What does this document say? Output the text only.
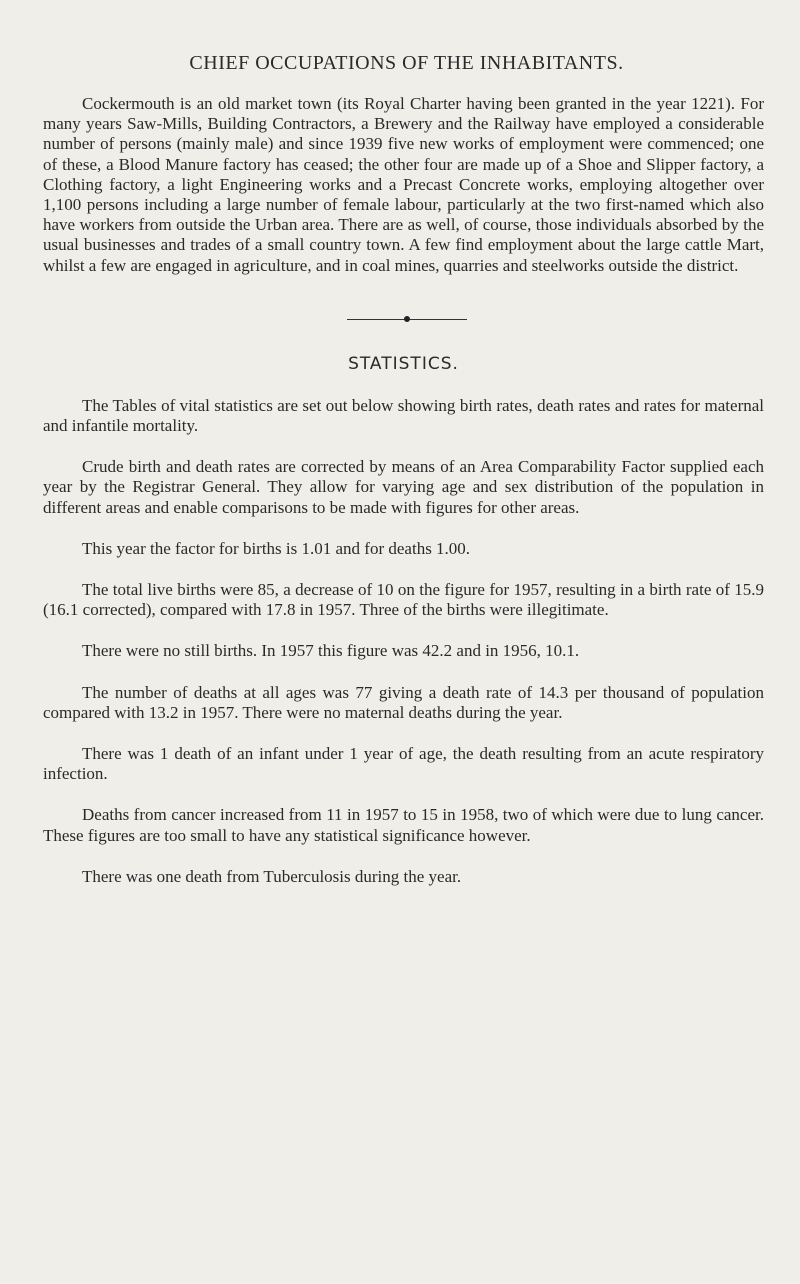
CHIEF OCCUPATIONS OF THE INHABITANTS.

Cockermouth is an old market town (its Royal Charter having been granted in the year 1221). For many years Saw-Mills, Building Contractors, a Brewery and the Railway have employed a considerable number of persons (mainly male) and since 1939 five new works of employment were commenced; one of these, a Blood Manure factory has ceased; the other four are made up of a Shoe and Slipper factory, a Clothing factory, a light Engineering works and a Precast Concrete works, employing altogether over 1,100 persons including a large number of female labour, particularly at the two first-named which also have workers from outside the Urban area. There are as well, of course, those individuals absorbed by the usual businesses and trades of a small country town. A few find employment about the large cattle Mart, whilst a few are engaged in agriculture, and in coal mines, quarries and steelworks outside the district.

STATISTICS.

The Tables of vital statistics are set out below showing birth rates, death rates and rates for maternal and infantile mortality.

Crude birth and death rates are corrected by means of an Area Comparability Factor supplied each year by the Registrar General. They allow for varying age and sex distribution of the population in different areas and enable comparisons to be made with figures for other areas.

This year the factor for births is 1.01 and for deaths 1.00.

The total live births were 85, a decrease of 10 on the figure for 1957, resulting in a birth rate of 15.9 (16.1 corrected), compared with 17.8 in 1957. Three of the births were illegitimate.

There were no still births. In 1957 this figure was 42.2 and in 1956, 10.1.

The number of deaths at all ages was 77 giving a death rate of 14.3 per thousand of population compared with 13.2 in 1957. There were no maternal deaths during the year.

There was 1 death of an infant under 1 year of age, the death resulting from an acute respiratory infection.

Deaths from cancer increased from 11 in 1957 to 15 in 1958, two of which were due to lung cancer. These figures are too small to have any statistical significance however.

There was one death from Tuberculosis during the year.
